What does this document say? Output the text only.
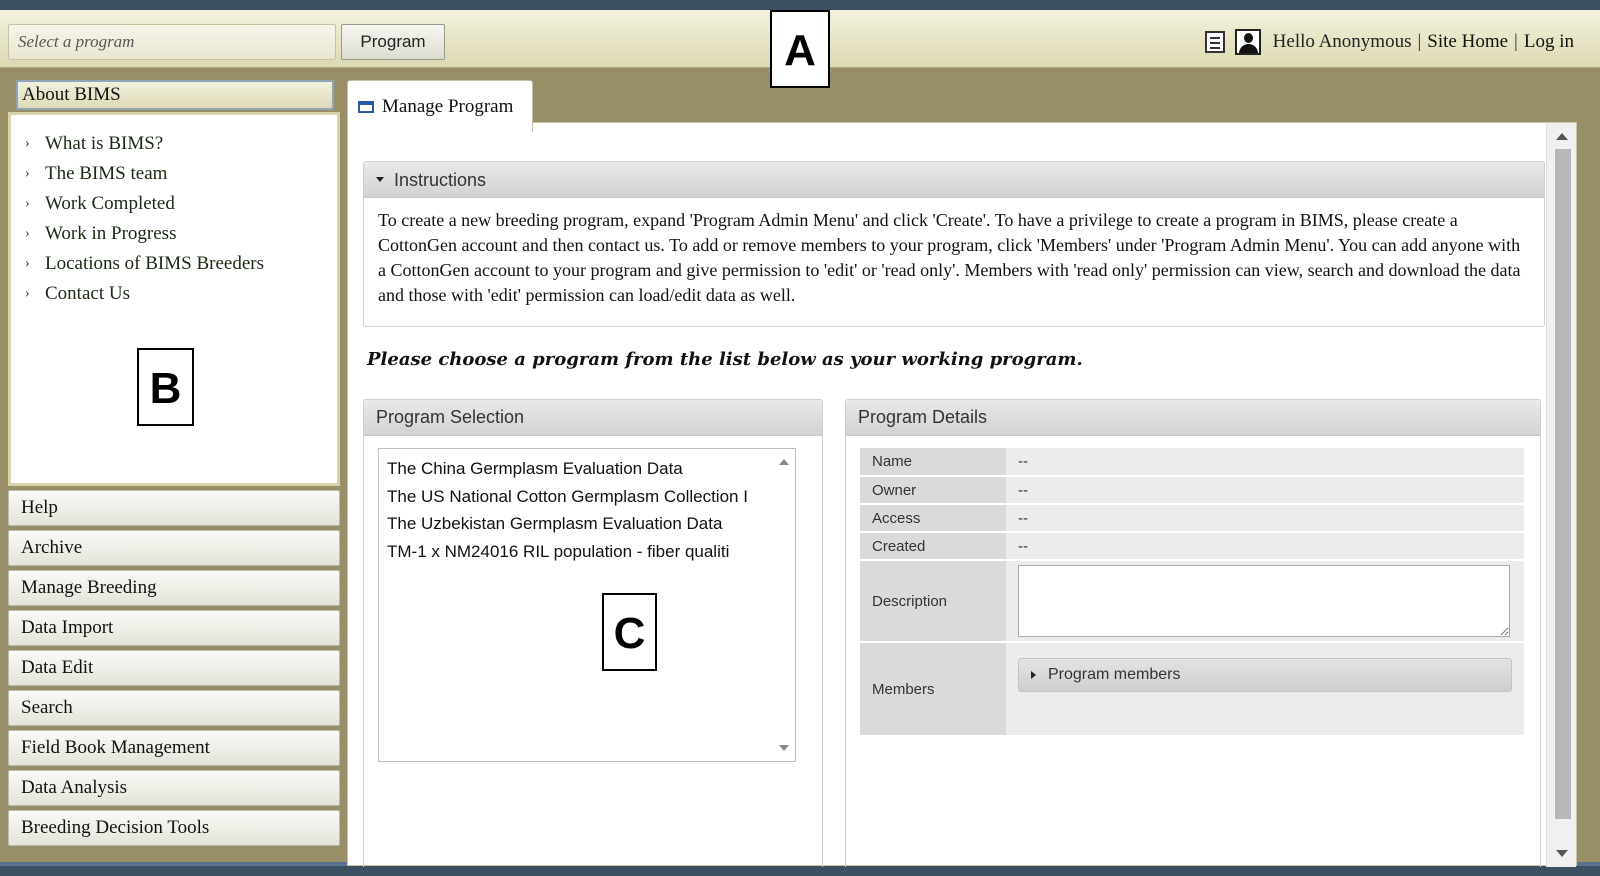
Select a program
Program	Hello Anonymous | Site Home | Log in
About BIMS
› What is BIMS?
› The BIMS team
› Work Completed
› Work in Progress
› Locations of BIMS Breeders
› Contact Us
Help
Archive
Manage Breeding
Data Import
Data Edit
Search
Field Book Management
Data Analysis
Breeding Decision Tools
Instructions
To create a new breeding program, expand 'Program Admin Menu' and click 'Create'. To have a privilege to create a program in BIMS, please create a CottonGen account and then contact us. To add or remove members to your program, click 'Members' under 'Program Admin Menu'. You can add anyone with a CottonGen account to your program and give permission to 'edit' or 'read only'. Members with 'read only' permission can view, search and download the data and those with 'edit' permission can load/edit data as well.
Please choose a program from the list below as your working program.
Program Selection
The China Germplasm Evaluation Data
The US National Cotton Germplasm Collection I
The Uzbekistan Germplasm Evaluation Data
TM-1 x NM24016 RIL population - fiber qualiti
Program Details
Name	--
Owner	--
Access	--
Created	--
Description	

Members	Program members
Manage Program
A
B
C
